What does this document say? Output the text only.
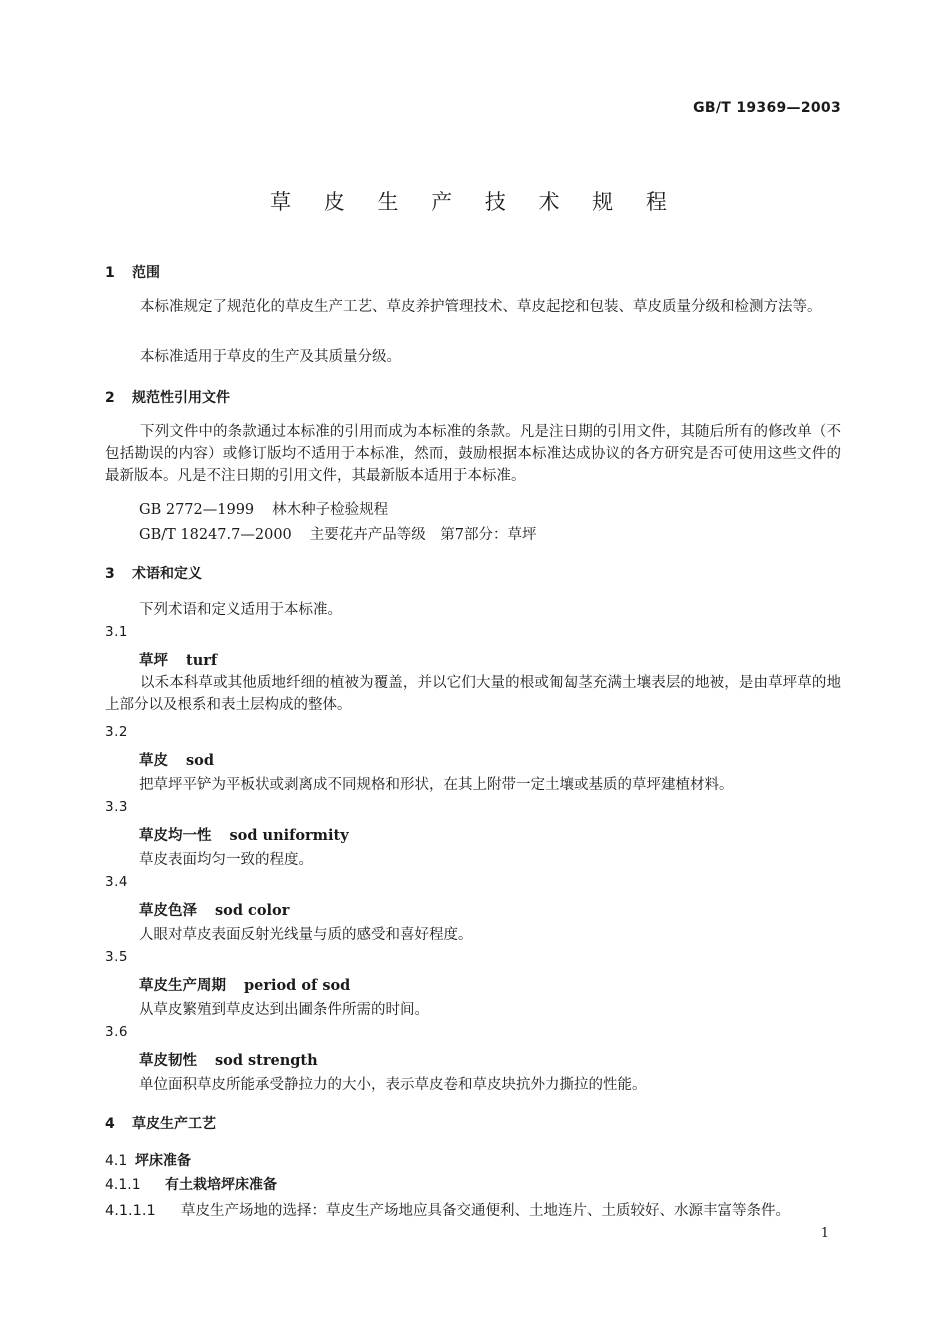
GB/T 19369—2003
草 皮 生 产 技 术 规 程
1 范围
本标准规定了规范化的草皮生产工艺、草皮养护管理技术、草皮起挖和包装、草皮质量分级和检测方法等。
本标准适用于草皮的生产及其质量分级。
2 规范性引用文件
下列文件中的条款通过本标准的引用而成为本标准的条款。凡是注日期的引用文件，其随后所有的修改单（不包括勘误的内容）或修订版均不适用于本标准，然而，鼓励根据本标准达成协议的各方研究是否可使用这些文件的最新版本。凡是不注日期的引用文件，其最新版本适用于本标准。
GB 2772—1999 林木种子检验规程
GB/T 18247.7—2000 主要花卉产品等级　第7部分：草坪
3 术语和定义
下列术语和定义适用于本标准。
3.1
草坪 turf
以禾本科草或其他质地纤细的植被为覆盖，并以它们大量的根或匍匐茎充满土壤表层的地被，是由草坪草的地上部分以及根系和表土层构成的整体。
3.2
草皮 sod
把草坪平铲为平板状或剥离成不同规格和形状，在其上附带一定土壤或基质的草坪建植材料。
3.3
草皮均一性 sod uniformity
草皮表面均匀一致的程度。
3.4
草皮色泽 sod color
人眼对草皮表面反射光线量与质的感受和喜好程度。
3.5
草皮生产周期 period of sod
从草皮繁殖到草皮达到出圃条件所需的时间。
3.6
草皮韧性 sod strength
单位面积草皮所能承受静拉力的大小，表示草皮卷和草皮块抗外力撕拉的性能。
4 草皮生产工艺
4.1 坪床准备
4.1.1 有土栽培坪床准备
4.1.1.1 草皮生产场地的选择：草皮生产场地应具备交通便利、土地连片、土质较好、水源丰富等条件。
1
